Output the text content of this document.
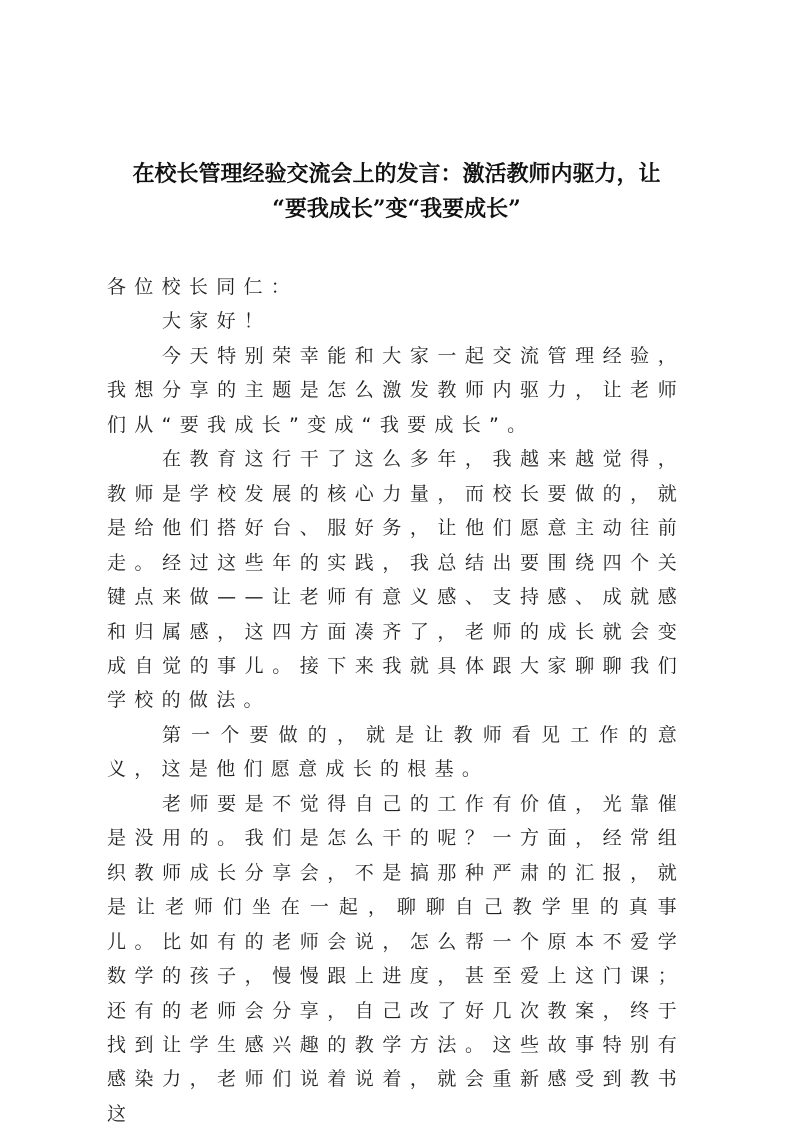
在校长管理经验交流会上的发言：激活教师内驱力，让
“要我成长”变“我要成长”

各位校长同仁：

大家好！

今天特别荣幸能和大家一起交流管理经验，我想分享的主题是怎么激发教师内驱力，让老师们从“要我成长”变成“我要成长”。

在教育这行干了这么多年，我越来越觉得，教师是学校发展的核心力量，而校长要做的，就是给他们搭好台、服好务，让他们愿意主动往前走。经过这些年的实践，我总结出要围绕四个关键点来做——让老师有意义感、支持感、成就感和归属感，这四方面凑齐了，老师的成长就会变成自觉的事儿。接下来我就具体跟大家聊聊我们学校的做法。

第一个要做的，就是让教师看见工作的意义，这是他们愿意成长的根基。

老师要是不觉得自己的工作有价值，光靠催是没用的。我们是怎么干的呢？一方面，经常组织教师成长分享会，不是搞那种严肃的汇报，就是让老师们坐在一起，聊聊自己教学里的真事儿。比如有的老师会说，怎么帮一个原本不爱学数学的孩子，慢慢跟上进度，甚至爱上这门课；还有的老师会分享，自己改了好几次教案，终于找到让学生感兴趣的教学方法。这些故事特别有感染力，老师们说着说着，就会重新感受到教书这
